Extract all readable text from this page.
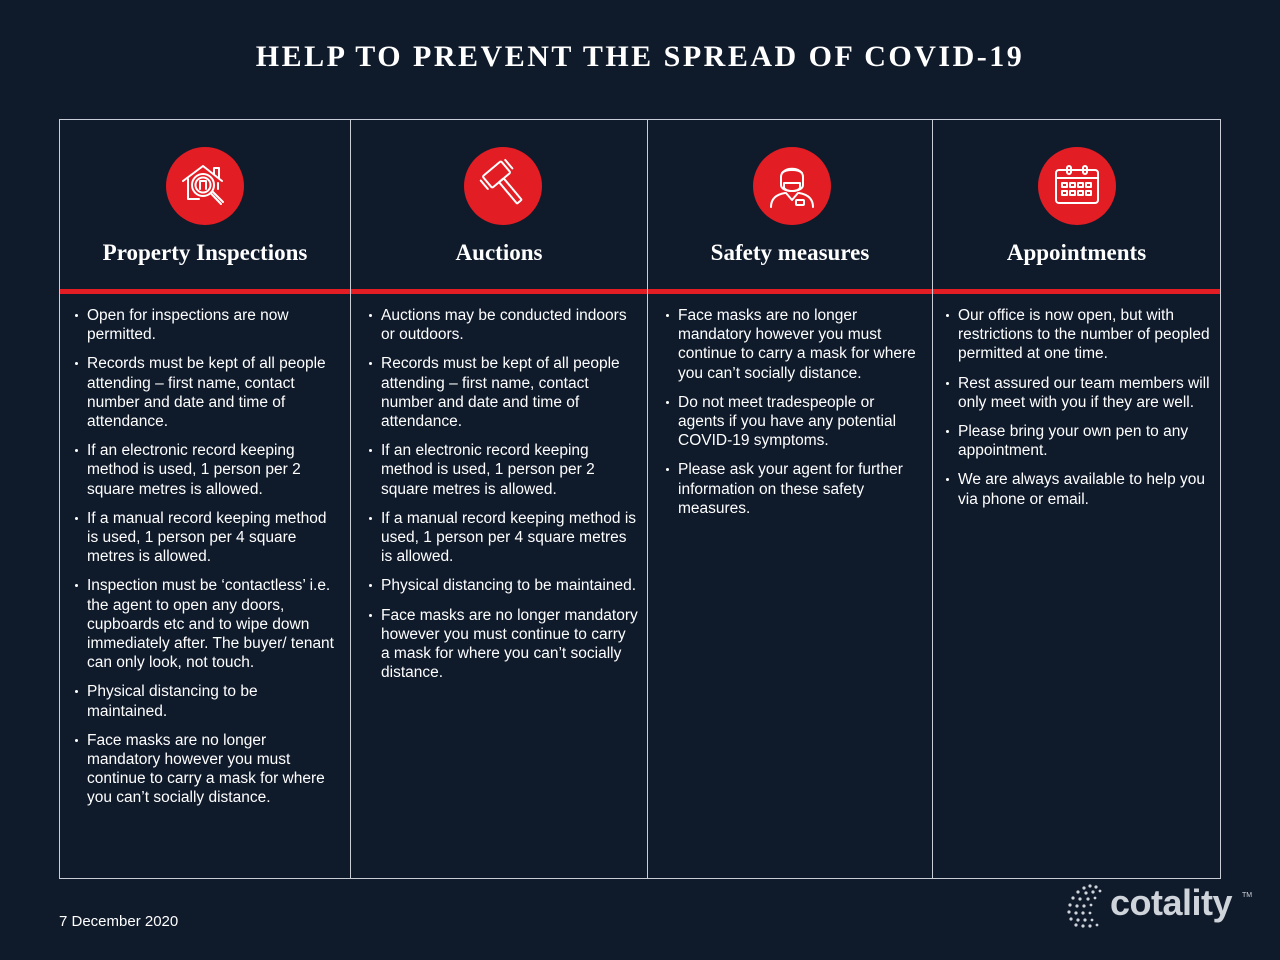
HELP TO PREVENT THE SPREAD OF COVID-19
Property Inspections
Open for inspections are now permitted.
Records must be kept of all people attending – first name, contact number and date and time of attendance.
If an electronic record keeping method is used, 1 person per 2 square metres is allowed.
If a manual record keeping method is used, 1 person per 4 square metres is allowed.
Inspection must be ‘contactless’ i.e. the agent to open any doors, cupboards etc and to wipe down immediately after. The buyer/ tenant can only look, not touch.
Physical distancing to be maintained.
Face masks are no longer mandatory however you must continue to carry a mask for where you can’t socially distance.
Auctions
Auctions may be conducted indoors or outdoors.
Records must be kept of all people attending – first name, contact number and date and time of attendance.
If an electronic record keeping method is used, 1 person per 2 square metres is allowed.
If a manual record keeping method is used, 1 person per 4 square metres is allowed.
Physical distancing to be maintained.
Face masks are no longer mandatory however you must continue to carry a mask for where you can’t socially distance.
Safety measures
Face masks are no longer mandatory however you must continue to carry a mask for where you can’t socially distance.
Do not meet tradespeople or agents if you have any potential COVID-19 symptoms.
Please ask your agent for further information on these safety measures.
Appointments
Our office is now open, but with restrictions to the number of peopled permitted at one time.
Rest assured our team members will only meet with you if they are well.
Please bring your own pen to any appointment.
We are always available to help you via phone or email.
7 December 2020	cotality TM
